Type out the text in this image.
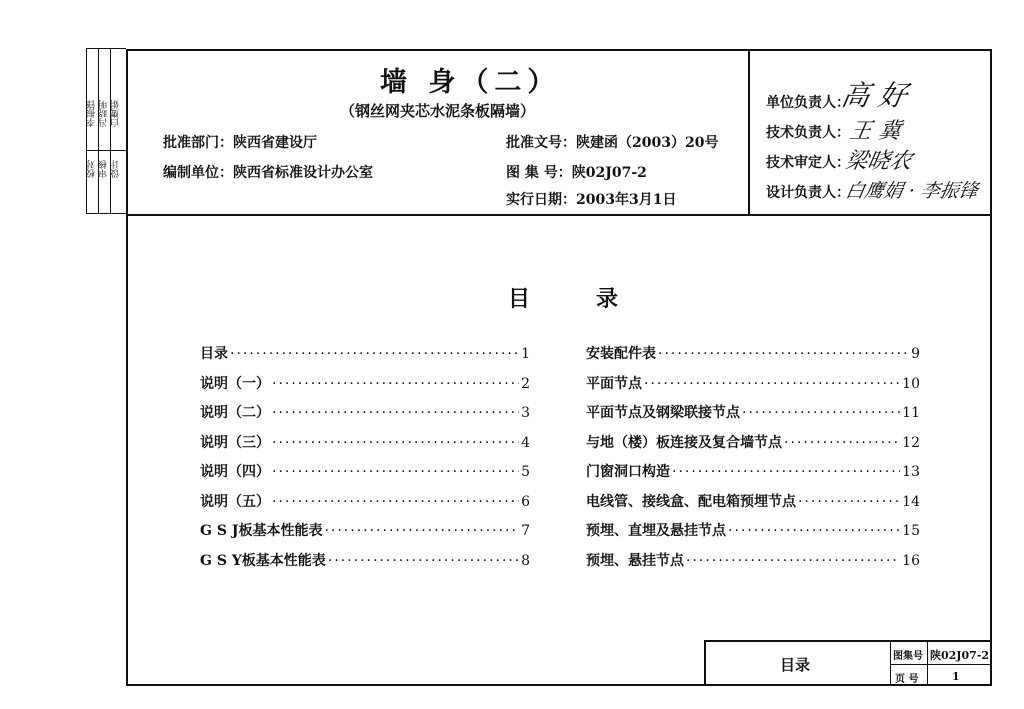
李振锋 冯晓明 白鹰娟
校对 审核 设计
墙 身（二）
（钢丝网夹芯水泥条板隔墙）
批准部门：陕西省建设厅
编制单位：陕西省标准设计办公室
批准文号：陕建函（2003）20号
图 集 号：陕02J07-2
实行日期：2003年3月1日
单位负责人：
高 好
技术负责人：
王 冀
技术审定人：
梁晓农
设计负责人：
白鹰娟 · 李振锋
目　　　录
目录 ·····	1
说明（一） ·····	2
说明（二） ·····	3
说明（三） ·····	4
说明（四） ·····	5
说明（五） ·····	6
G S J板基本性能表 ·····	7
G S Y板基本性能表 ·····	8
安装配件表 ·····	9
平面节点 ·····	10
平面节点及钢梁联接节点 ·····	11
与地（楼）板连接及复合墙节点 ·····	12
门窗洞口构造 ·····	13
电线管、接线盒、配电箱预埋节点 ·····	14
预埋、直埋及悬挂节点 ·····	15
预埋、悬挂节点 ·····	16
目录	图集号 陕02J07-2
页 号	1
